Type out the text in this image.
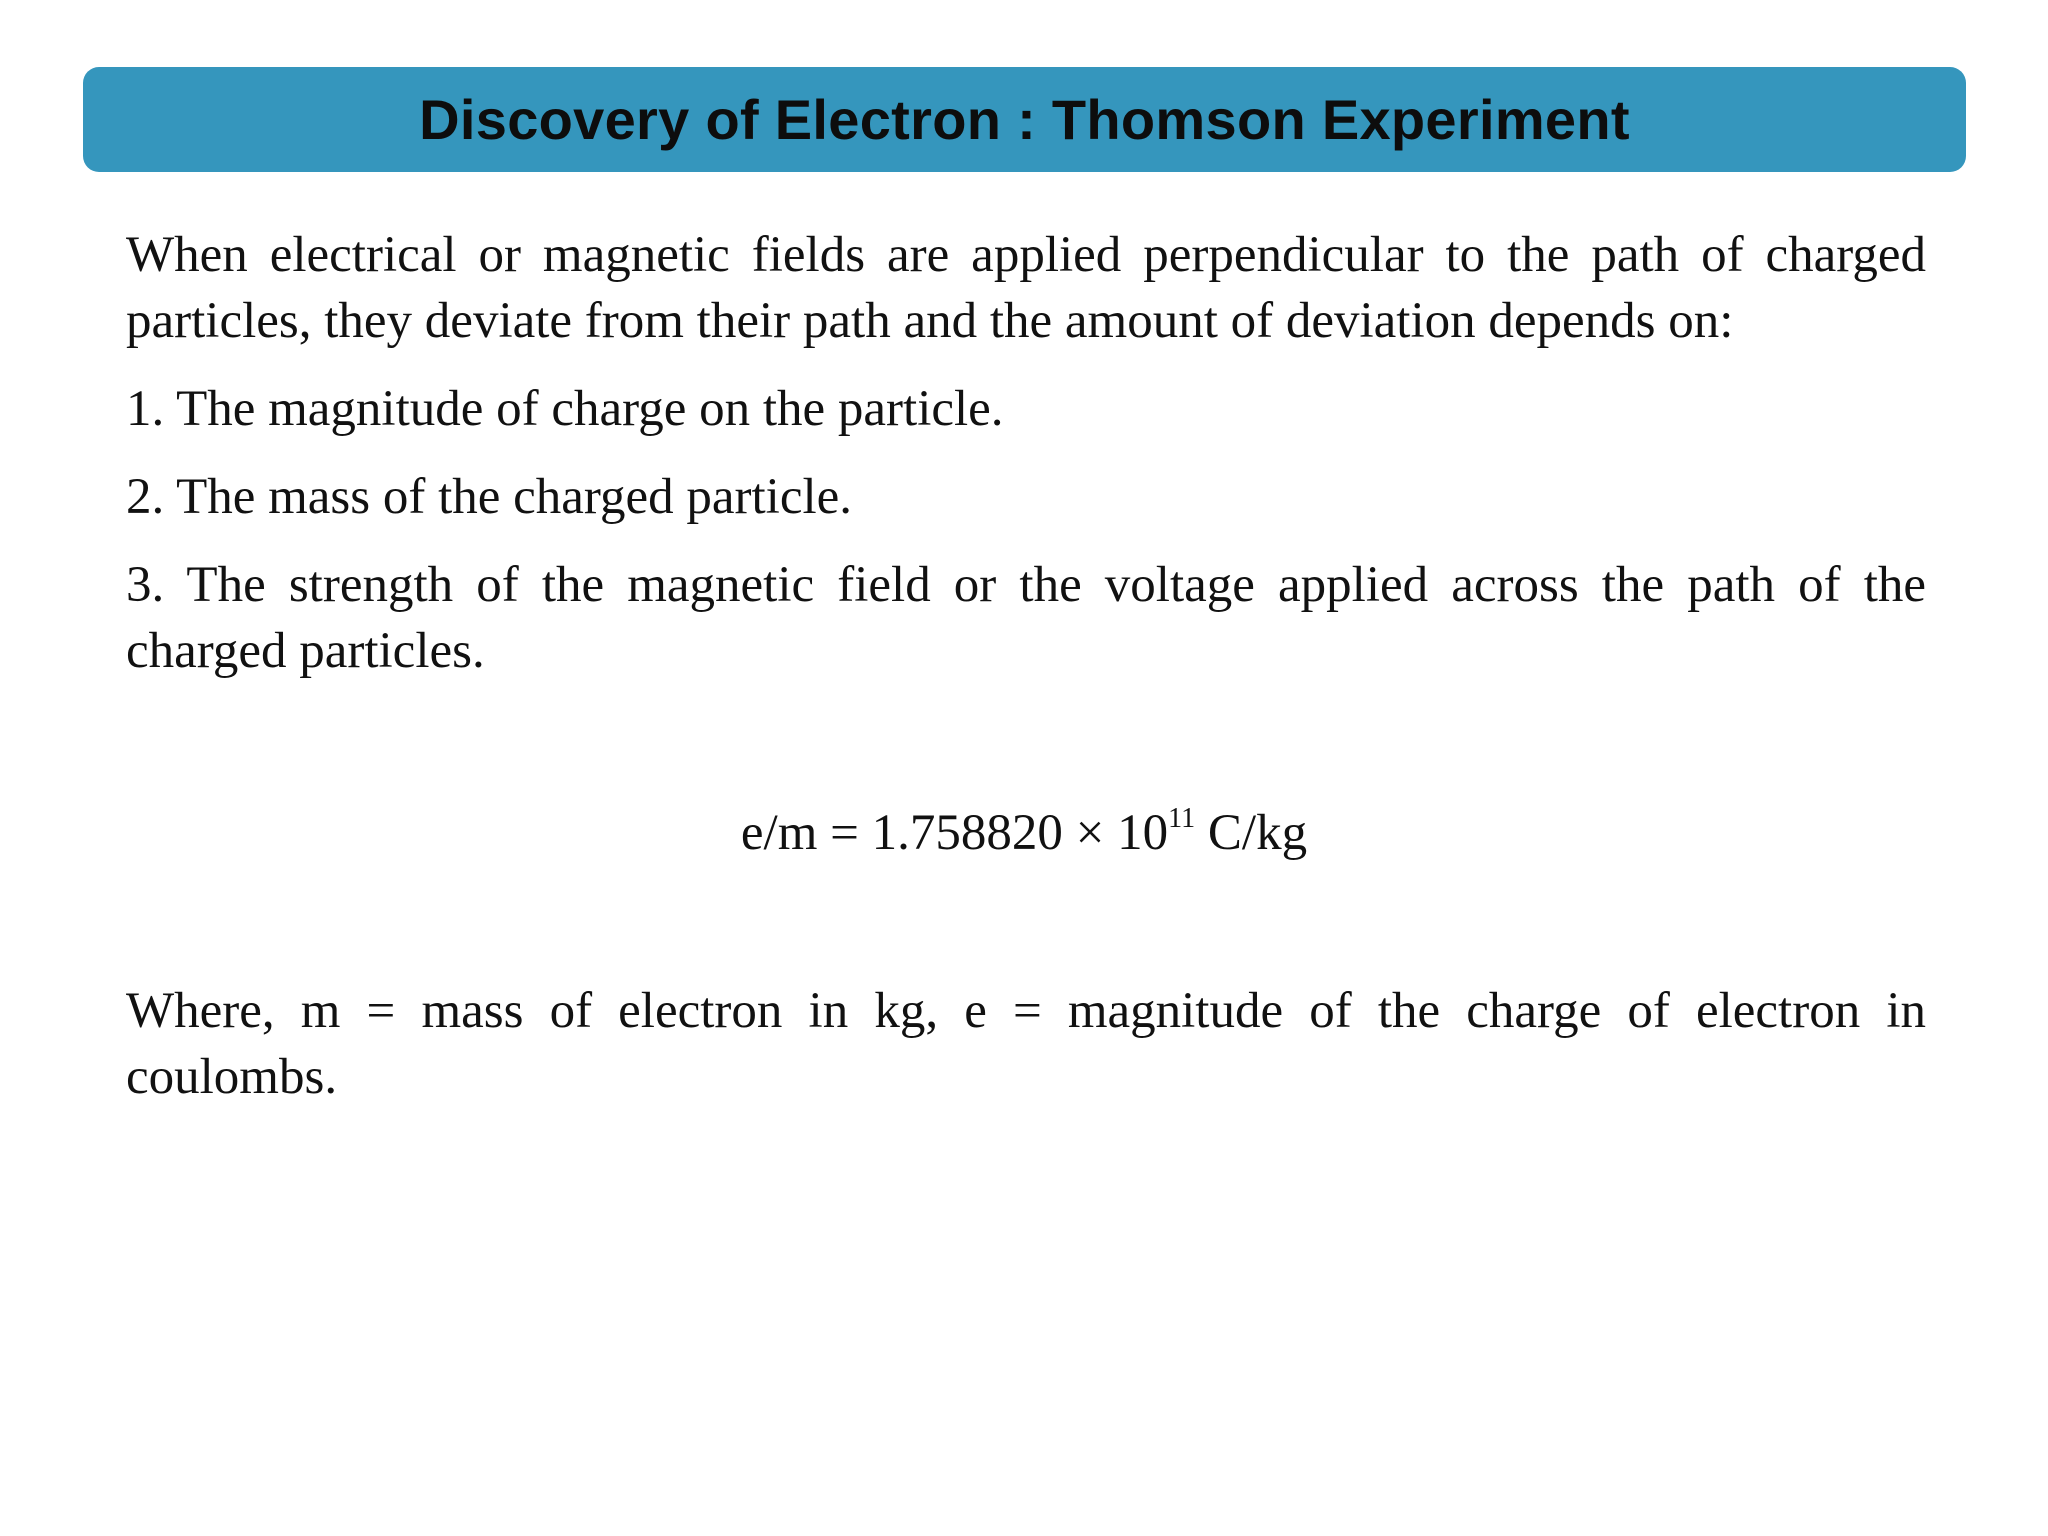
Discovery of Electron : Thomson Experiment

When electrical or magnetic fields are applied perpendicular to the path of charged particles, they deviate from their path and the amount of deviation depends on:

1. The magnitude of charge on the particle.

2. The mass of the charged particle.

3. The strength of the magnetic field or the voltage applied across the path of the charged particles.

$e/m = 1.758820 \times 10^{11}$ C/kg

Where, m = mass of electron in kg, e = magnitude of the charge of electron in coulombs.
